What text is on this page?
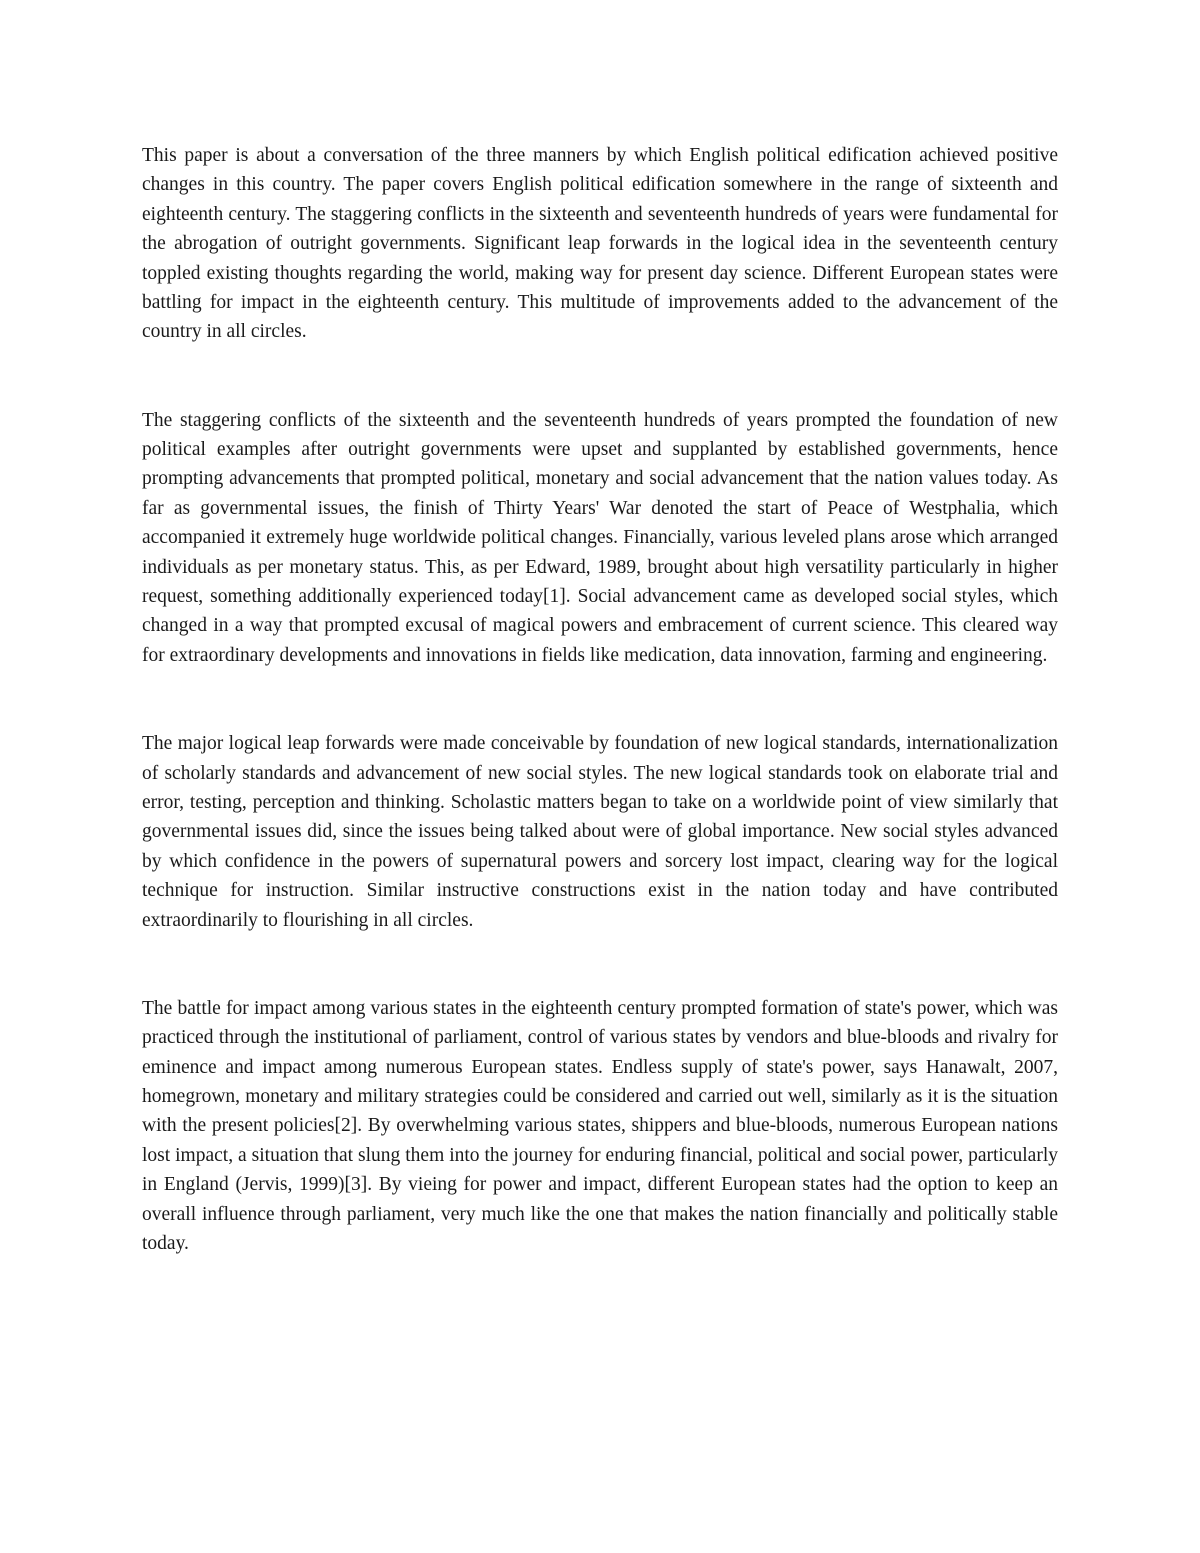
This paper is about a conversation of the three manners by which English political edification achieved positive changes in this country. The paper covers English political edification somewhere in the range of sixteenth and eighteenth century. The staggering conflicts in the sixteenth and seventeenth hundreds of years were fundamental for the abrogation of outright governments. Significant leap forwards in the logical idea in the seventeenth century toppled existing thoughts regarding the world, making way for present day science. Different European states were battling for impact in the eighteenth century. This multitude of improvements added to the advancement of the country in all circles.

The staggering conflicts of the sixteenth and the seventeenth hundreds of years prompted the foundation of new political examples after outright governments were upset and supplanted by established governments, hence prompting advancements that prompted political, monetary and social advancement that the nation values today. As far as governmental issues, the finish of Thirty Years' War denoted the start of Peace of Westphalia, which accompanied it extremely huge worldwide political changes. Financially, various leveled plans arose which arranged individuals as per monetary status. This, as per Edward, 1989, brought about high versatility particularly in higher request, something additionally experienced today[1]. Social advancement came as developed social styles, which changed in a way that prompted excusal of magical powers and embracement of current science. This cleared way for extraordinary developments and innovations in fields like medication, data innovation, farming and engineering.

The major logical leap forwards were made conceivable by foundation of new logical standards, internationalization of scholarly standards and advancement of new social styles. The new logical standards took on elaborate trial and error, testing, perception and thinking. Scholastic matters began to take on a worldwide point of view similarly that governmental issues did, since the issues being talked about were of global importance. New social styles advanced by which confidence in the powers of supernatural powers and sorcery lost impact, clearing way for the logical technique for instruction. Similar instructive constructions exist in the nation today and have contributed extraordinarily to flourishing in all circles.

The battle for impact among various states in the eighteenth century prompted formation of state's power, which was practiced through the institutional of parliament, control of various states by vendors and blue-bloods and rivalry for eminence and impact among numerous European states. Endless supply of state's power, says Hanawalt, 2007, homegrown, monetary and military strategies could be considered and carried out well, similarly as it is the situation with the present policies[2]. By overwhelming various states, shippers and blue-bloods, numerous European nations lost impact, a situation that slung them into the journey for enduring financial, political and social power, particularly in England (Jervis, 1999)[3]. By vieing for power and impact, different European states had the option to keep an overall influence through parliament, very much like the one that makes the nation financially and politically stable today.
